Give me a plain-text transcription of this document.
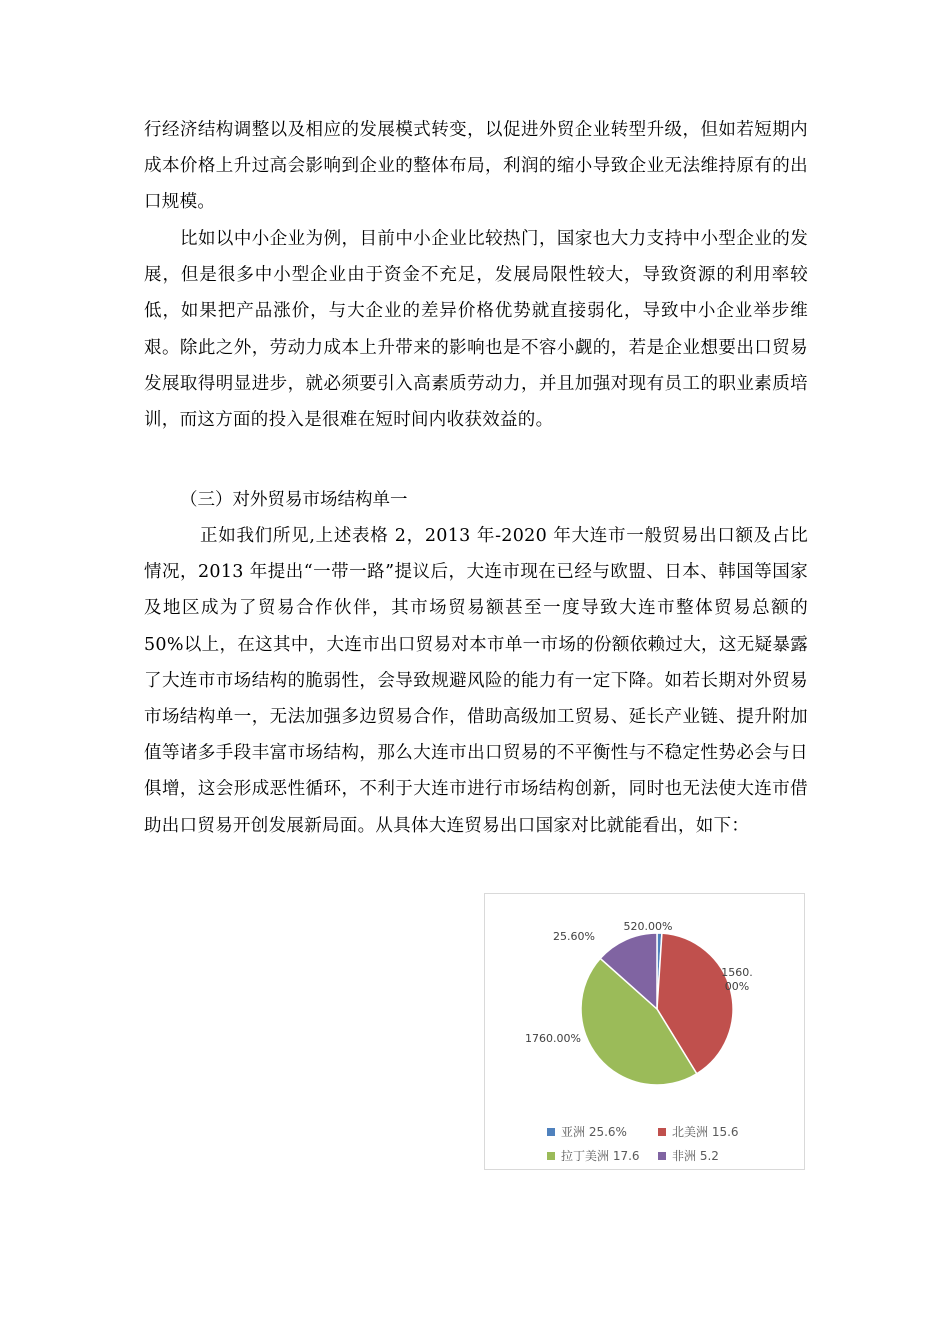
行经济结构调整以及相应的发展模式转变，以促进外贸企业转型升级，但如若短期内成本价格上升过高会影响到企业的整体布局，利润的缩小导致企业无法维持原有的出口规模。

比如以中小企业为例，目前中小企业比较热门，国家也大力支持中小型企业的发展，但是很多中小型企业由于资金不充足，发展局限性较大，导致资源的利用率较低，如果把产品涨价，与大企业的差异价格优势就直接弱化，导致中小企业举步维艰。除此之外，劳动力成本上升带来的影响也是不容小觑的，若是企业想要出口贸易发展取得明显进步，就必须要引入高素质劳动力，并且加强对现有员工的职业素质培训，而这方面的投入是很难在短时间内收获效益的。

（三）对外贸易市场结构单一

正如我们所见,上述表格 2，2013 年-2020 年大连市一般贸易出口额及占比情况，2013 年提出“一带一路”提议后，大连市现在已经与欧盟、日本、韩国等国家及地区成为了贸易合作伙伴，其市场贸易额甚至一度导致大连市整体贸易总额的 50%以上，在这其中，大连市出口贸易对本市单一市场的份额依赖过大，这无疑暴露了大连市市场结构的脆弱性，会导致规避风险的能力有一定下降。如若长期对外贸易市场结构单一，无法加强多边贸易合作，借助高级加工贸易、延长产业链、提升附加值等诸多手段丰富市场结构，那么大连市出口贸易的不平衡性与不稳定性势必会与日俱增，这会形成恶性循环，不利于大连市进行市场结构创新，同时也无法使大连市借助出口贸易开创发展新局面。从具体大连贸易出口国家对比就能看出，如下：

1560. 00%
1760.00%
520.00%
25.60%
亚洲 25.6%	北美洲 15.6
拉丁美洲 17.6	非洲 5.2
